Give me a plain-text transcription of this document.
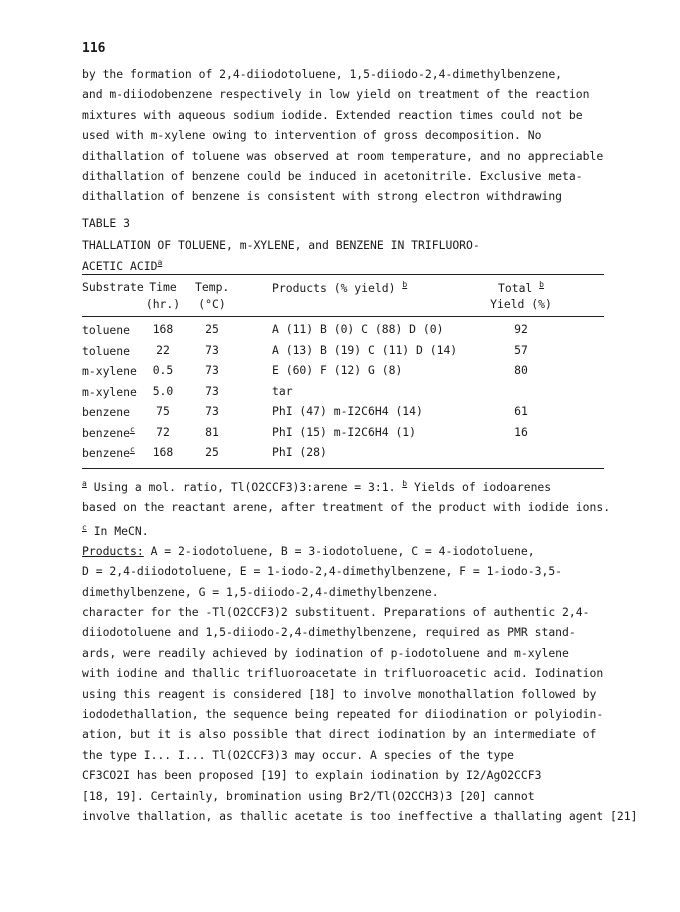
116
by the formation of 2,4-diiodotoluene, 1,5-diiodo-2,4-dimethylbenzene,
and m-diiodobenzene respectively in low yield on treatment of the reaction
mixtures with aqueous sodium iodide. Extended reaction times could not be
used with m-xylene owing to intervention of gross decomposition. No
dithallation of toluene was observed at room temperature, and no appreciable
dithallation of benzene could be induced in acetonitrile. Exclusive meta-
dithallation of benzene is consistent with strong electron withdrawing
TABLE 3
THALLATION OF TOLUENE, m-XYLENE, and BENZENE IN TRIFLUORO-
ACETIC ACID$^a$
Substrate Time	Temp.	Products (% yield) $^b$	Total $^b$
(hr.) (°C)	Yield (%)
toluene	168	25	A (11) B (0) C (88) D (0)	92
toluene	22	73	A (13) B (19) C (11) D (14)	57
m-xylene	0.5	73	E (60) F (12) G (8)	80
m-xylene	5.0	73	tar
benzene	75	73	PhI (47) m-I2C6H4 (14)	61
benzene$^c$	72	81	PhI (15) m-I2C6H4 (1)	16
benzene$^c$	168	25	PhI (28)
$^a$ Using a mol. ratio, Tl(O2CCF3)3:arene = 3:1. $^b$ Yields of iodoarenes
based on the reactant arene, after treatment of the product with iodide ions.
$^c$ In MeCN.
Products: A = 2-iodotoluene, B = 3-iodotoluene, C = 4-iodotoluene,
D = 2,4-diiodotoluene, E = 1-iodo-2,4-dimethylbenzene, F = 1-iodo-3,5-
dimethylbenzene, G = 1,5-diiodo-2,4-dimethylbenzene.
character for the -Tl(O2CCF3)2 substituent. Preparations of authentic 2,4-
diiodotoluene and 1,5-diiodo-2,4-dimethylbenzene, required as PMR stand-
ards, were readily achieved by iodination of p-iodotoluene and m-xylene
with iodine and thallic trifluoroacetate in trifluoroacetic acid. Iodination
using this reagent is considered [18] to involve monothallation followed by
iododethallation, the sequence being repeated for diiodination or polyiodin-
ation, but it is also possible that direct iodination by an intermediate of
the type I... I... Tl(O2CCF3)3 may occur. A species of the type
CF3CO2I has been proposed [19] to explain iodination by I2/AgO2CCF3
[18, 19]. Certainly, bromination using Br2/Tl(O2CCH3)3 [20] cannot
involve thallation, as thallic acetate is too ineffective a thallating agent [21]
